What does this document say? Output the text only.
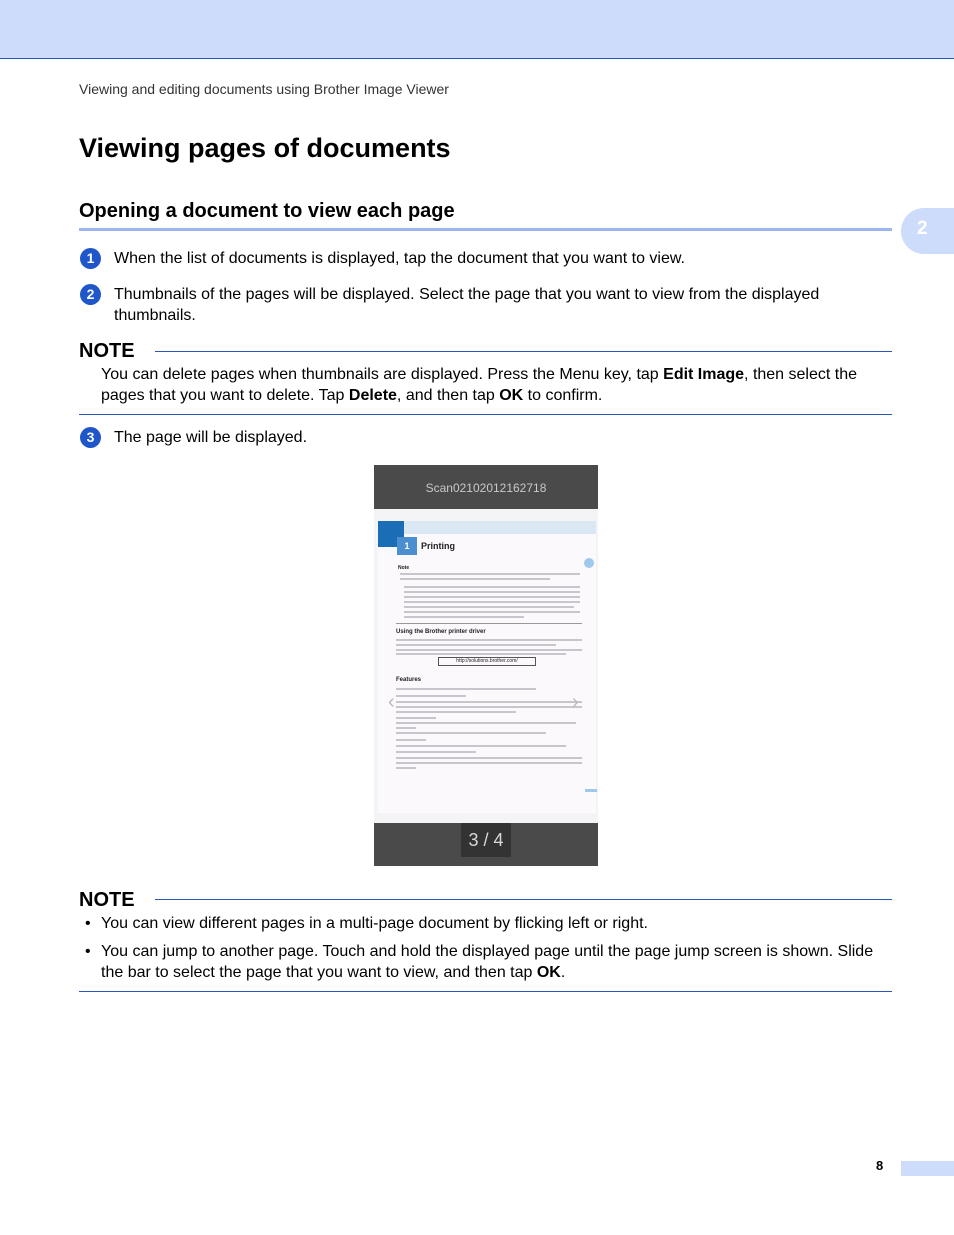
Viewing and editing documents using Brother Image Viewer
Viewing pages of documents
Opening a document to view each page
2
1	When the list of documents is displayed, tap the document that you want to view.
2	Thumbnails of the pages will be displayed. Select the page that you want to view from the displayed thumbnails.
NOTE
You can delete pages when thumbnails are displayed. Press the Menu key, tap Edit Image, then select the pages that you want to delete. Tap Delete, and then tap OK to confirm.
3	The page will be displayed.
Scan02102012162718
1	Printing
Note
Using the Brother printer driver
http://solutions.brother.com/
Features
‹	›
3 / 4
NOTE
• You can view different pages in a multi-page document by flicking left or right.
• You can jump to another page. Touch and hold the displayed page until the page jump screen is shown. Slide the bar to select the page that you want to view, and then tap OK.
8
